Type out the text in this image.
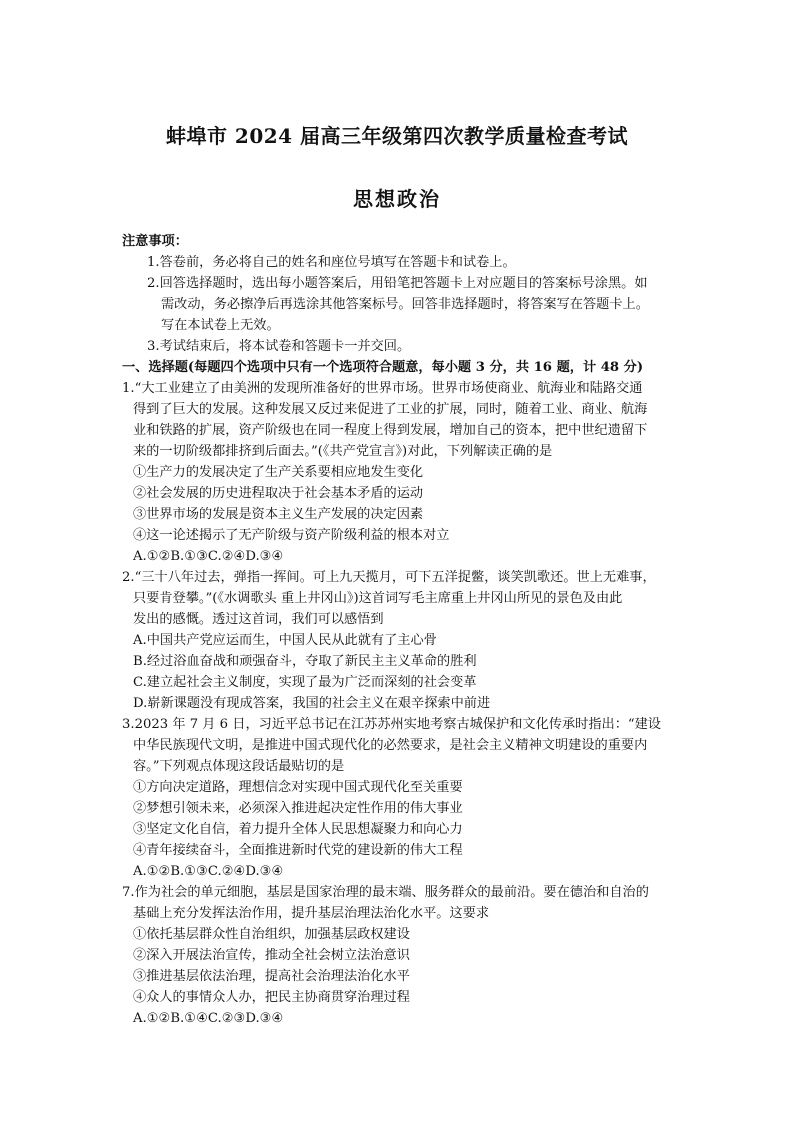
蚌埠市 2024 届高三年级第四次教学质量检查考试
思想政治
注意事项：
1.答卷前，务必将自己的姓名和座位号填写在答题卡和试卷上。
2.回答选择题时，选出每小题答案后，用铅笔把答题卡上对应题目的答案标号涂黑。如
需改动，务必擦净后再选涂其他答案标号。回答非选择题时，将答案写在答题卡上。
写在本试卷上无效。
3.考试结束后，将本试卷和答题卡一并交回。
一、选择题(每题四个选项中只有一个选项符合题意，每小题 3 分，共 16 题，计 48 分)
1.“大工业建立了由美洲的发现所准备好的世界市场。世界市场使商业、航海业和陆路交通
得到了巨大的发展。这种发展又反过来促进了工业的扩展，同时，随着工业、商业、航海
业和铁路的扩展，资产阶级也在同一程度上得到发展，增加自己的资本，把中世纪遗留下
来的一切阶级都排挤到后面去。”(《共产党宣言》)对此，下列解读正确的是
①生产力的发展决定了生产关系要相应地发生变化
②社会发展的历史进程取决于社会基本矛盾的运动
③世界市场的发展是资本主义生产发展的决定因素
④这一论述揭示了无产阶级与资产阶级利益的根本对立
A.①②B.①③C.②④D.③④
2.“三十八年过去，弹指一挥间。可上九天揽月，可下五洋捉鳖，谈笑凯歌还。世上无难事，
只要肯登攀。”(《水调歌头 重上井冈山》)这首词写毛主席重上井冈山所见的景色及由此
发出的感慨。透过这首词，我们可以感悟到
A.中国共产党应运而生，中国人民从此就有了主心骨
B.经过浴血奋战和顽强奋斗，夺取了新民主主义革命的胜利
C.建立起社会主义制度，实现了最为广泛而深刻的社会变革
D.崭新课题没有现成答案，我国的社会主义在艰辛探索中前进
3.2023 年 7 月 6 日，习近平总书记在江苏苏州实地考察古城保护和文化传承时指出：“建设
中华民族现代文明，是推进中国式现代化的必然要求，是社会主义精神文明建设的重要内
容。”下列观点体现这段话最贴切的是
①方向决定道路，理想信念对实现中国式现代化至关重要
②梦想引领未来，必须深入推进起决定性作用的伟大事业
③坚定文化自信，着力提升全体人民思想凝聚力和向心力
④青年接续奋斗，全面推进新时代党的建设新的伟大工程
A.①②B.①③C.②④D.③④
7.作为社会的单元细胞，基层是国家治理的最末端、服务群众的最前沿。要在德治和自治的
基础上充分发挥法治作用，提升基层治理法治化水平。这要求
①依托基层群众性自治组织，加强基层政权建设
②深入开展法治宣传，推动全社会树立法治意识
③推进基层依法治理，提高社会治理法治化水平
④众人的事情众人办，把民主协商贯穿治理过程
A.①②B.①④C.②③D.③④
